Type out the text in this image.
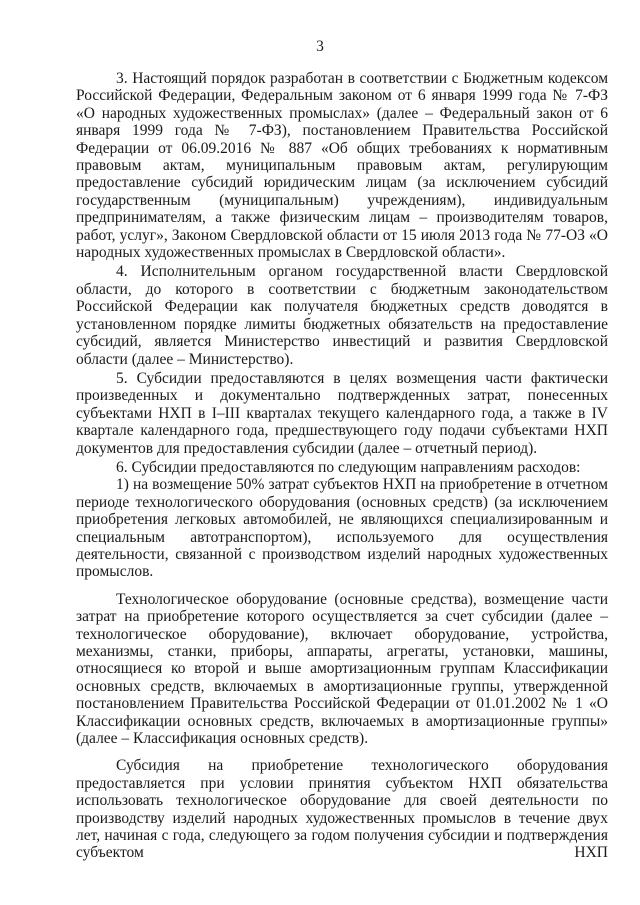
3

3. Настоящий порядок разработан в соответствии с Бюджетным кодексом Российской Федерации, Федеральным законом от 6 января 1999 года № 7-ФЗ «О народных художественных промыслах» (далее – Федеральный закон от 6 января 1999 года № 7-ФЗ), постановлением Правительства Российской Федерации от 06.09.2016 № 887 «Об общих требованиях к нормативным правовым актам, муниципальным правовым актам, регулирующим предоставление субсидий юридическим лицам (за исключением субсидий государственным (муниципальным) учреждениям), индивидуальным предпринимателям, а также физическим лицам – производителям товаров, работ, услуг», Законом Свердловской области от 15 июля 2013 года № 77-ОЗ «О народных художественных промыслах в Свердловской области».

4. Исполнительным органом государственной власти Свердловской области, до которого в соответствии с бюджетным законодательством Российской Федерации как получателя бюджетных средств доводятся в установленном порядке лимиты бюджетных обязательств на предоставление субсидий, является Министерство инвестиций и развития Свердловской области (далее – Министерство).

5. Субсидии предоставляются в целях возмещения части фактически произведенных и документально подтвержденных затрат, понесенных субъектами НХП в I–III кварталах текущего календарного года, а также в IV квартале календарного года, предшествующего году подачи субъектами НХП документов для предоставления субсидии (далее – отчетный период).

6. Субсидии предоставляются по следующим направлениям расходов:

1) на возмещение 50% затрат субъектов НХП на приобретение в отчетном периоде технологического оборудования (основных средств) (за исключением приобретения легковых автомобилей, не являющихся специализированным и специальным автотранспортом), используемого для осуществления деятельности, связанной с производством изделий народных художественных промыслов.

Технологическое оборудование (основные средства), возмещение части затрат на приобретение которого осуществляется за счет субсидии (далее – технологическое оборудование), включает оборудование, устройства, механизмы, станки, приборы, аппараты, агрегаты, установки, машины, относящиеся ко второй и выше амортизационным группам Классификации основных средств, включаемых в амортизационные группы, утвержденной постановлением Правительства Российской Федерации от 01.01.2002 № 1 «О Классификации основных средств, включаемых в амортизационные группы» (далее – Классификация основных средств).

Субсидия на приобретение технологического оборудования предоставляется при условии принятия субъектом НХП обязательства использовать технологическое оборудование для своей деятельности по производству изделий народных художественных промыслов в течение двух лет, начиная с года, следующего за годом получения субсидии и подтверждения субъектом НХП
